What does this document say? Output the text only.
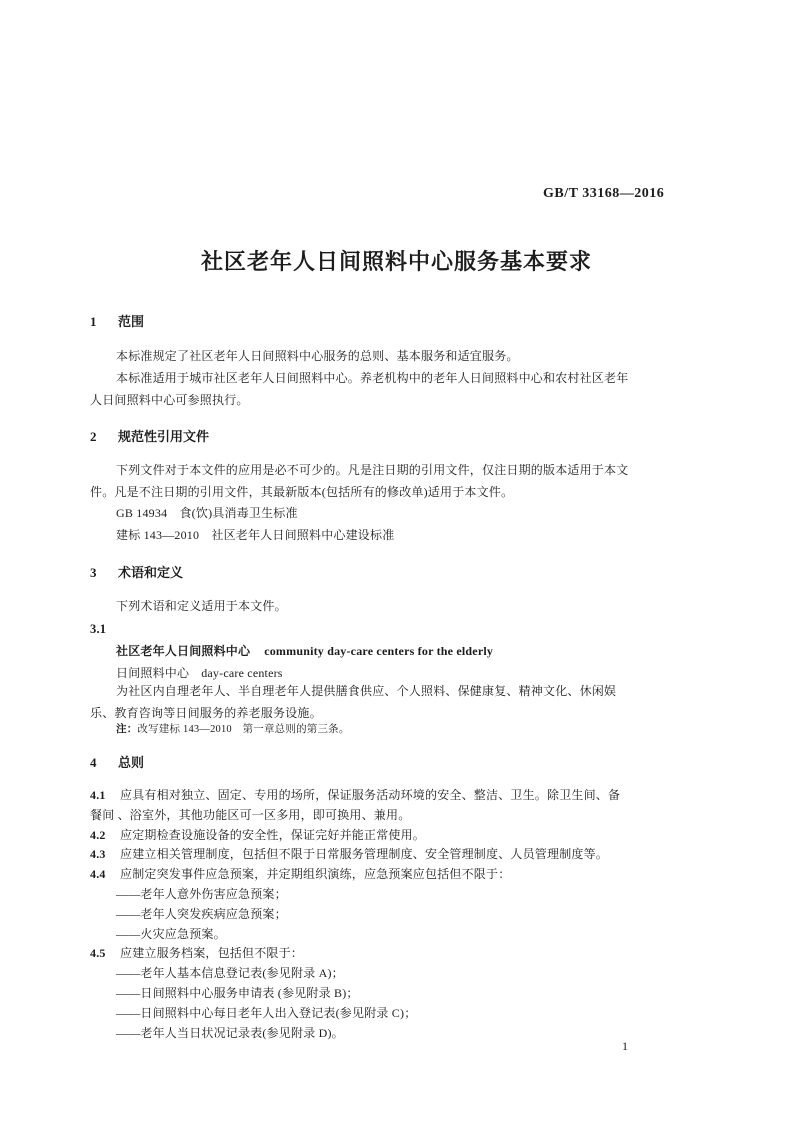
GB/T 33168—2016
社区老年人日间照料中心服务基本要求
1 范围

本标准规定了社区老年人日间照料中心服务的总则、基本服务和适宜服务。

本标准适用于城市社区老年人日间照料中心。养老机构中的老年人日间照料中心和农村社区老年人日间照料中心可参照执行。

2 规范性引用文件

下列文件对于本文件的应用是必不可少的。凡是注日期的引用文件，仅注日期的版本适用于本文件。凡是不注日期的引用文件，其最新版本(包括所有的修改单)适用于本文件。

GB 14934　食(饮)具消毒卫生标准

建标 143—2010　社区老年人日间照料中心建设标准

3 术语和定义

下列术语和定义适用于本文件。

3.1

社区老年人日间照料中心 community day-care centers for the elderly

日间照料中心 day-care centers

为社区内自理老年人、半自理老年人提供膳食供应、个人照料、保健康复、精神文化、休闲娱乐、教育咨询等日间服务的养老服务设施。

注：改写建标 143—2010　第一章总则的第三条。

4 总则

4.1 应具有相对独立、固定、专用的场所，保证服务活动环境的安全、整洁、卫生。除卫生间、备餐间 、浴室外，其他功能区可一区多用，即可换用、兼用。

4.2 应定期检查设施设备的安全性，保证完好并能正常使用。

4.3 应建立相关管理制度，包括但不限于日常服务管理制度、安全管理制度、人员管理制度等。

4.4 应制定突发事件应急预案，并定期组织演练，应急预案应包括但不限于：

——老年人意外伤害应急预案；

——老年人突发疾病应急预案；

——火灾应急预案。

4.5 应建立服务档案，包括但不限于：

——老年人基本信息登记表(参见附录 A)；

——日间照料中心服务申请表 (参见附录 B)；

——日间照料中心每日老年人出入登记表(参见附录 C)；

——老年人当日状况记录表(参见附录 D)。

1
